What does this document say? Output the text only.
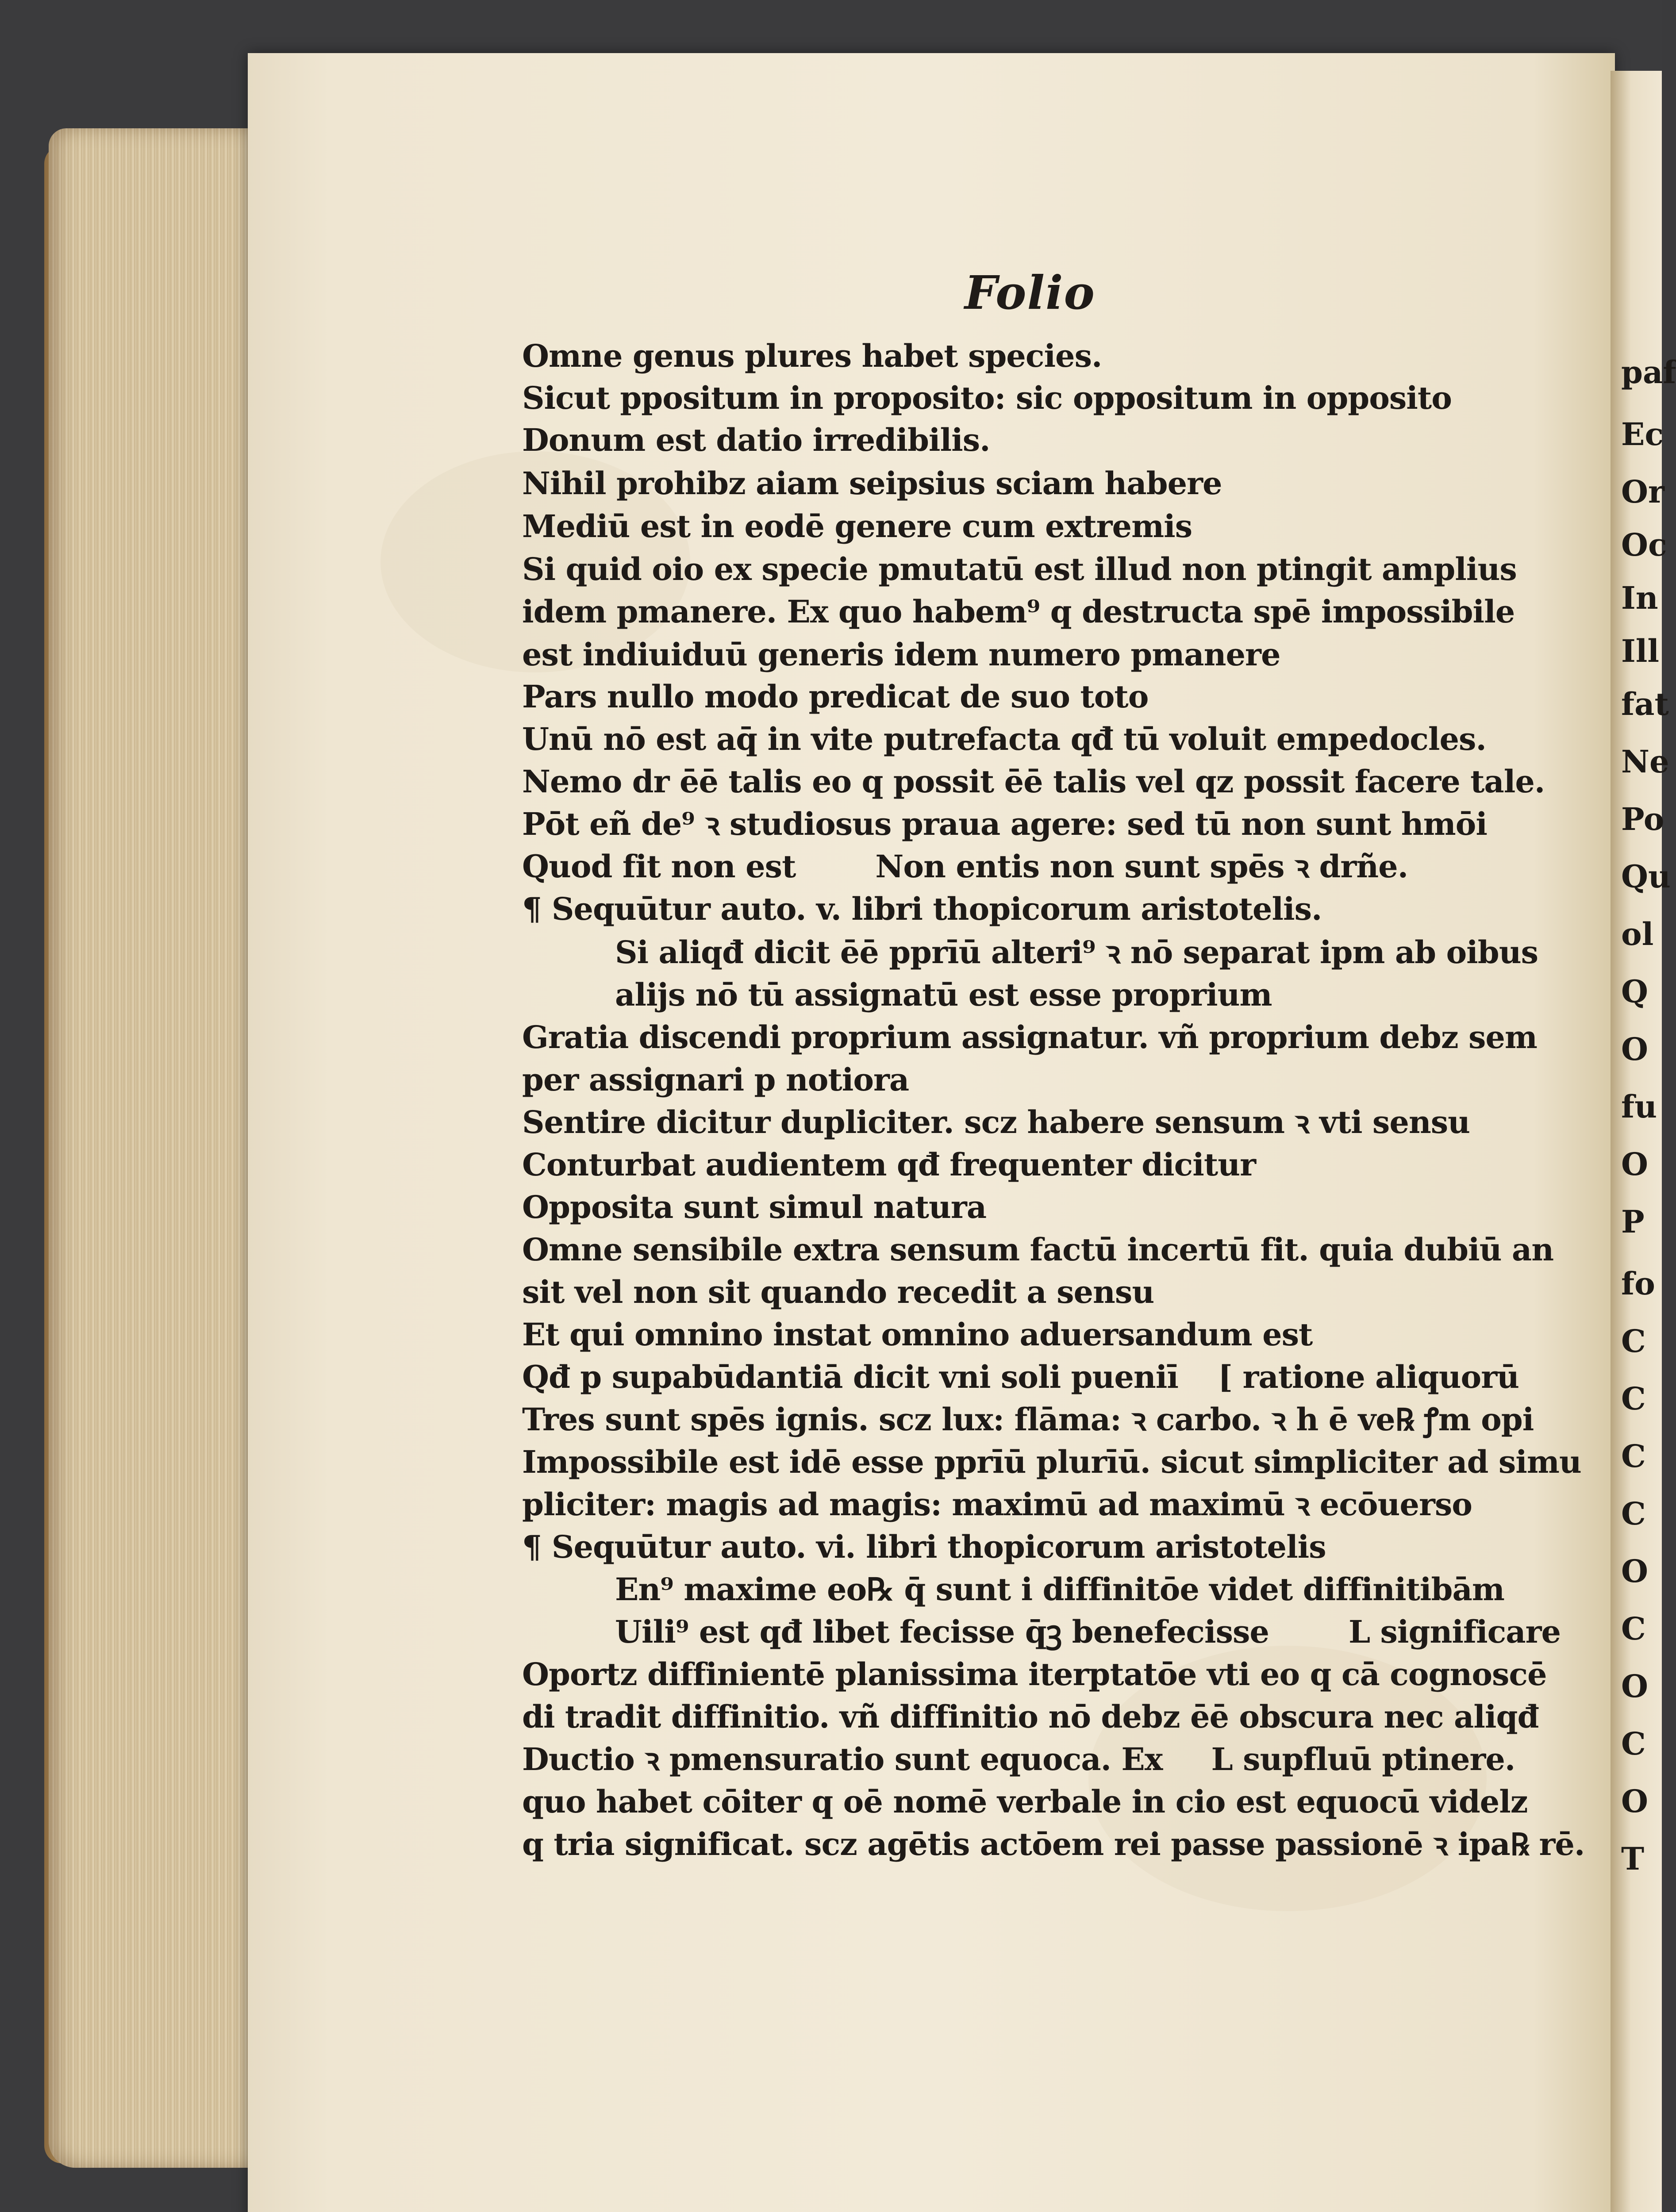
Folio
Omne genus plures habet species.
Sicut ppositum in proposito: sic oppositum in opposito
Donum est datio irredibilis.
Nihil prohibz aiam seipsius sciam habere
Mediū est in eodē genere cum extremis
Si quid oio ex specie pmutatū est illud non ptingit amplius
idem pmanere. Ex quo habem⁹ q destructa spē impossibile
est indiuiduū generis idem numero pmanere
Pars nullo modo predicat de suo toto
Unū nō est aq̄ in vite putrefacta qđ tū voluit empedocles.
Nemo dr ēē talis eo q possit ēē talis vel qz possit facere tale.
Pōt eñ de⁹ ꝛ studiosus praua agere: sed tū non sunt hmōi
Quod fit non est	Non entis non sunt spēs ꝛ drñe.
¶ Sequūtur auto. v. libri thopicorum aristotelis.
Si aliqđ dicit ēē pprīū alteri⁹ ꝛ nō separat ipm ab oibus
alijs nō tū assignatū est esse proprium
Gratia discendi proprium assignatur. vñ proprium debz sem
per assignari p notiora
Sentire dicitur dupliciter. scz habere sensum ꝛ vti sensu
Conturbat audientem qđ frequenter dicitur
Opposita sunt simul natura
Omne sensibile extra sensum factū incertū fit. quia dubiū an
sit vel non sit quando recedit a sensu
Et qui omnino instat omnino aduersandum est
Qđ p supabūdantiā dicit vni soli pueniī [ ratione aliquorū
Tres sunt spēs ignis. scz lux: flāma: ꝛ carbo. ꝛ h ē ve℞ ꝭm opi
Impossibile est idē esse pprīū plurīū. sicut simpliciter ad simu
pliciter: magis ad magis: maximū ad maximū ꝛ ecōuerso
¶ Sequūtur auto. vi. libri thopicorum aristotelis
En⁹ maxime eo℞ q̄ sunt i diffinitōe videt diffinitibām
Uili⁹ est qđ libet fecisse q̄ꝫ benefecisse	L significare
Oportz diffinientē planissima iterptatōe vti eo q cā cognoscē
di tradit diffinitio. vñ diffinitio nō debz ēē obscura nec aliqđ
Ductio ꝛ pmensuratio sunt equoca. Ex L supfluū ptinere.
quo habet cōiter q oē nomē verbale in cio est equocū videlz
q tria significat. scz agētis actōem rei passe passionē ꝛ ipa℞ rē.
paf
Ec
Or
Oc
In
Ill
fat
Ne
Po
Qu
ol
Q
O
fu
O
P
fo
C
C
C
C
O
C
O
C
O
T
